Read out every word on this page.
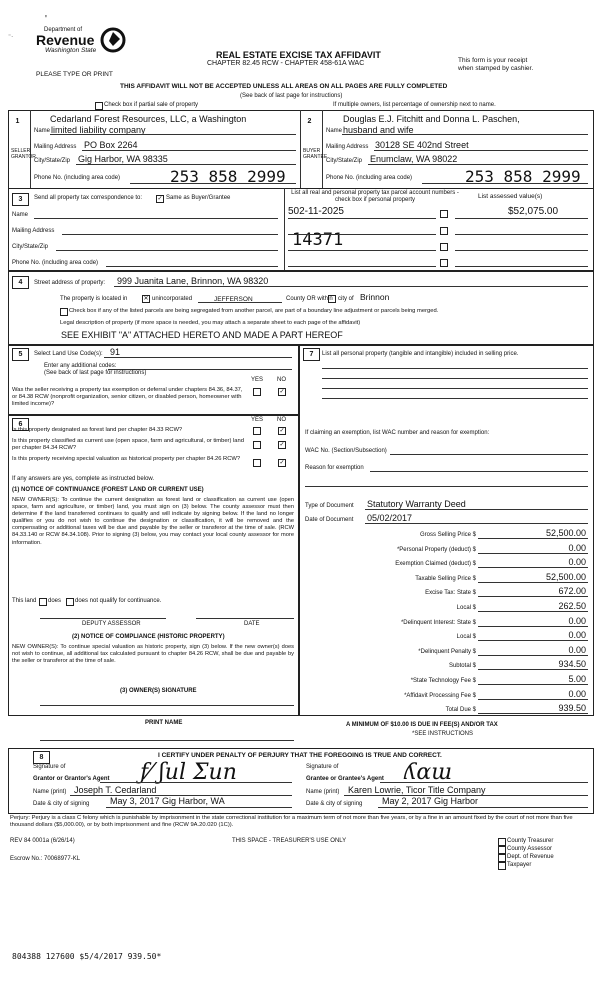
'
⁻·
Department of
Revenue
Washington State
PLEASE TYPE OR PRINT
REAL ESTATE EXCISE TAX AFFIDAVIT
CHAPTER 82.45 RCW - CHAPTER 458-61A WAC	This form is your receipt
when stamped by cashier.
THIS AFFIDAVIT WILL NOT BE ACCEPTED UNLESS ALL AREAS ON ALL PAGES ARE FULLY COMPLETED
(See back of last page for instructions)
Check box if partial sale of property	If multiple owners, list percentage of ownership next to name.
1
SELLER
GRANTOR
Cedarland Forest Resources, LLC, a Washington
Name limited liability company
Mailing Address PO Box 2264
City/State/Zip Gig Harbor, WA 98335
Phone No. (including area code)	253 858 2999
2
BUYER
GRANTEE
Douglas E.J. Fitchitt and Donna L. Paschen,
Name husband and wife
Mailing Address 30128 SE 402nd Street
City/State/Zip Enumclaw, WA 98022
Phone No. (including area code)	253 858 2999
3	Send all property tax correspondence to:	✓ Same as Buyer/Grantee
Name
Mailing Address
City/State/Zip
Phone No. (including area code)
List all real and personal property tax parcel account numbers - check box if personal property	List assessed value(s)
502-11-2025	$52,075.00
14371
4	Street address of property: 999 Juanita Lane, Brinnon, WA 98320
The property is located in	✕ unincorporated	JEFFERSON	County OR within city of Brinnon
Check box if any of the listed parcels are being segregated from another parcel, are part of a boundary line adjustment or parcels being merged.
Legal description of property (if more space is needed, you may attach a separate sheet to each page of the affidavit)
SEE EXHIBIT "A" ATTACHED HERETO AND MADE A PART HEREOF
5	Select Land Use Code(s): 91
Enter any additional codes:
(See back of last page for instructions)
YES NO
Was the seller receiving a property tax exemption or deferral under chapters 84.36, 84.37, or 84.38 RCW (nonprofit organization, senior citizen, or disabled person, homeowner with limited income)?
✓
6
YES NO
Is this property designated as forest land per chapter 84.33 RCW?	✓
Is this property classified as current use (open space, farm and agricultural, or timber) land per chapter 84.34 RCW?	✓
Is this property receiving special valuation as historical property per chapter 84.26 RCW?
✓
If any answers are yes, complete as instructed below.
(1) NOTICE OF CONTINUANCE (FOREST LAND OR CURRENT USE)
NEW OWNER(S): To continue the current designation as forest land or classification as current use (open space, farm and agriculture, or timber) land, you must sign on (3) below. The county assessor must then determine if the land transferred continues to qualify and will indicate by signing below. If the land no longer qualifies or you do not wish to continue the designation or classification, it will be removed and the compensating or additional taxes will be due and payable by the seller or transferor at the time of sale. (RCW 84.33.140 or RCW 84.34.108). Prior to signing (3) below, you may contact your local county assessor for more information.
This land does does not qualify for continuance.
DEPUTY ASSESSOR	DATE
(2) NOTICE OF COMPLIANCE (HISTORIC PROPERTY)
NEW OWNER(S): To continue special valuation as historic property, sign (3) below. If the new owner(s) does not wish to continue, all additional tax calculated pursuant to chapter 84.26 RCW, shall be due and payable by the seller or transferor at the time of sale.
(3) OWNER(S) SIGNATURE
PRINT NAME
7	List all personal property (tangible and intangible) included in selling price.
If claiming an exemption, list WAC number and reason for exemption:
WAC No. (Section/Subsection)
Reason for exemption
Type of Document Statutory Warranty Deed
Date of Document 05/02/2017
Gross Selling Price $	52,500.00
*Personal Property (deduct) $	0.00
Exemption Claimed (deduct) $	0.00
Taxable Selling Price $	52,500.00
Excise Tax: State $	672.00
Local $	262.50
*Delinquent Interest: State $	0.00
Local $	0.00
*Delinquent Penalty $	0.00
Subtotal $	934.50
*State Technology Fee $	5.00
*Affidavit Processing Fee $	0.00
Total Due $	939.50
A MINIMUM OF $10.00 IS DUE IN FEE(S) AND/OR TAX
*SEE INSTRUCTIONS
8	I CERTIFY UNDER PENALTY OF PERJURY THAT THE FOREGOING IS TRUE AND CORRECT.
Signature of
Grantor or Grantor's Agent ƒ⁄ ʃul Ʃun
Name (print) Joseph T. Cedarland
Date & city of signing May 3, 2017 Gig Harbor, WA
Signature of
Grantee or Grantee's Agent ʎɑɯ
Name (print) Karen Lowrie, Ticor Title Company
Date & city of signing May 2, 2017 Gig Harbor
Perjury: Perjury is a class C felony which is punishable by imprisonment in the state correctional institution for a maximum term of not more than five years, or by a fine in an amount fixed by the court of not more than five thousand dollars ($5,000.00), or by both imprisonment and fine (RCW 9A.20.020 (1C)).
REV 84 0001a (6/26/14)	THIS SPACE - TREASURER'S USE ONLY
Escrow No.: 70068977-KL
County Treasurer
County Assessor
Dept. of Revenue
Taxpayer
804388 127600 $5/4/2017 939.50*
